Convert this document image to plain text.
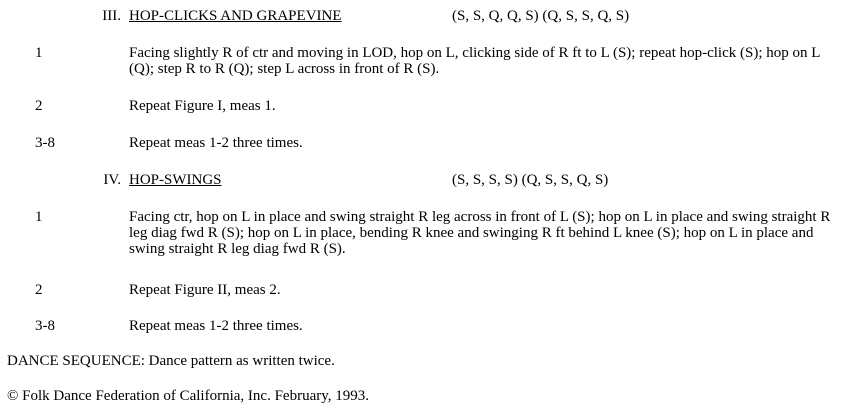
III. HOP-CLICKS AND GRAPEVINE	(S, S, Q, Q, S) (Q, S, S, Q, S)
1	Facing slightly R of ctr and moving in LOD, hop on L, clicking side of R ft to L (S); repeat hop-click (S); hop on L (Q); step R to R (Q); step L across in front of R (S).
2	Repeat Figure I, meas 1.
3-8	Repeat meas 1-2 three times.
IV. HOP-SWINGS	(S, S, S, S) (Q, S, S, Q, S)
1	Facing ctr, hop on L in place and swing straight R leg across in front of L (S); hop on L in place and swing straight R leg diag fwd R (S); hop on L in place, bending R knee and swinging R ft behind L knee (S); hop on L in place and swing straight R leg diag fwd R (S).
2	Repeat Figure II, meas 2.
3-8	Repeat meas 1-2 three times.
DANCE SEQUENCE: Dance pattern as written twice.
© Folk Dance Federation of California, Inc. February, 1993.
